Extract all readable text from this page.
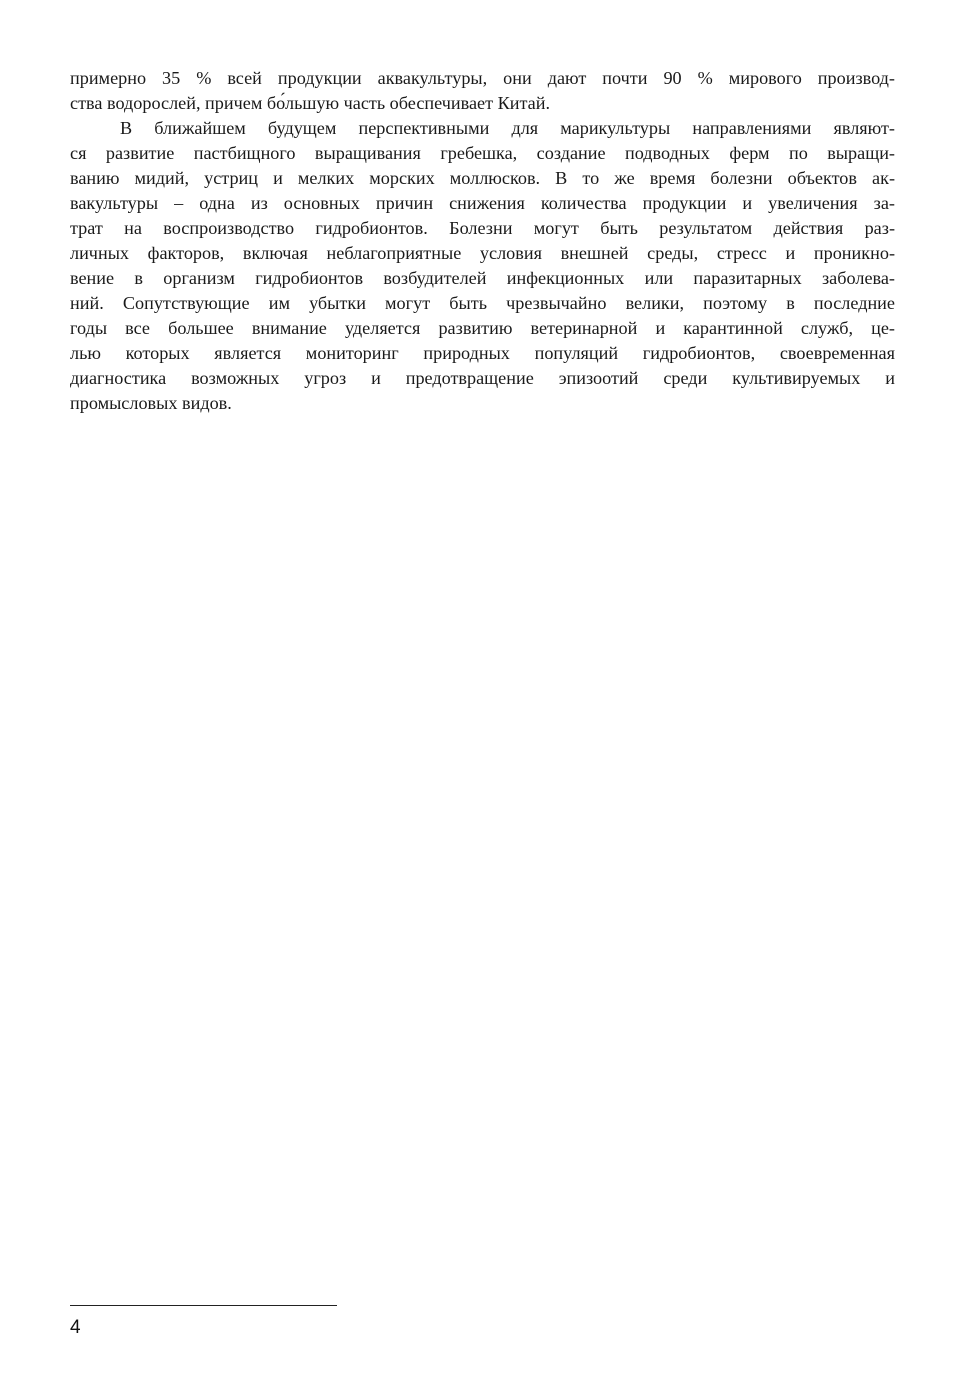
примерно 35 % всей продукции аквакультуры, они дают почти 90 % мирового производ-
ства водорослей, причем бо́льшую часть обеспечивает Китай.
В ближайшем будущем перспективными для марикультуры направлениями являют-
ся развитие пастбищного выращивания гребешка, создание подводных ферм по выращи-
ванию мидий, устриц и мелких морских моллюсков. В то же время болезни объектов ак-
вакультуры – одна из основных причин снижения количества продукции и увеличения за-
трат на воспроизводство гидробионтов. Болезни могут быть результатом действия раз-
личных факторов, включая неблагоприятные условия внешней среды, стресс и проникно-
вение в организм гидробионтов возбудителей инфекционных или паразитарных заболева-
ний. Сопутствующие им убытки могут быть чрезвычайно велики, поэтому в последние
годы все большее внимание уделяется развитию ветеринарной и карантинной служб, це-
лью которых является мониторинг природных популяций гидробионтов, своевременная
диагностика возможных угроз и предотвращение эпизоотий среди культивируемых и
промысловых видов.
4
